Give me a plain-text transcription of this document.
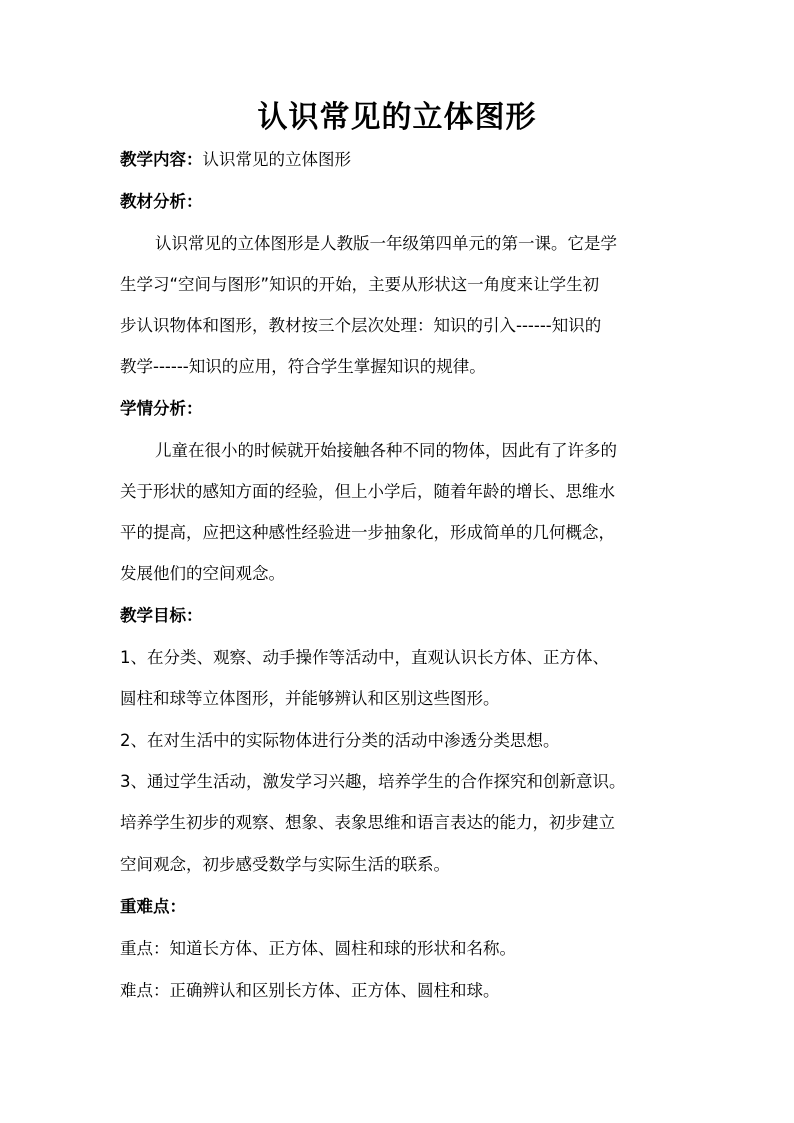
认识常见的立体图形
教学内容：认识常见的立体图形
教材分析：
认识常见的立体图形是人教版一年级第四单元的第一课。它是学
生学习“空间与图形”知识的开始，主要从形状这一角度来让学生初
步认识物体和图形，教材按三个层次处理：知识的引入------知识的
教学------知识的应用，符合学生掌握知识的规律。
学情分析：
儿童在很小的时候就开始接触各种不同的物体，因此有了许多的
关于形状的感知方面的经验，但上小学后，随着年龄的增长、思维水
平的提高，应把这种感性经验进一步抽象化，形成简单的几何概念，
发展他们的空间观念。
教学目标：
1、在分类、观察、动手操作等活动中，直观认识长方体、正方体、
圆柱和球等立体图形，并能够辨认和区别这些图形。
2、在对生活中的实际物体进行分类的活动中渗透分类思想。
3、通过学生活动，激发学习兴趣，培养学生的合作探究和创新意识。
培养学生初步的观察、想象、表象思维和语言表达的能力，初步建立
空间观念，初步感受数学与实际生活的联系。
重难点：
重点：知道长方体、正方体、圆柱和球的形状和名称。
难点：正确辨认和区别长方体、正方体、圆柱和球。
